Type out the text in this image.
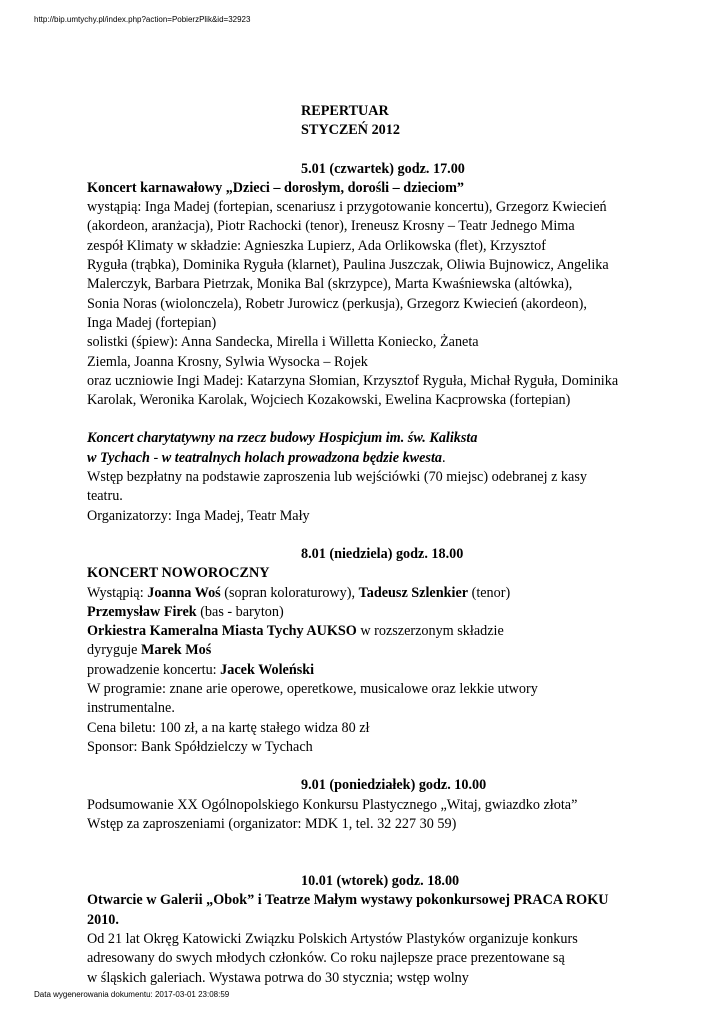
http://bip.umtychy.pl/index.php?action=PobierzPlik&id=32923
REPERTUAR
STYCZEŃ 2012
5.01 (czwartek) godz. 17.00
Koncert karnawałowy „Dzieci – dorosłym, dorośli – dzieciom”
wystąpią: Inga Madej (fortepian, scenariusz i przygotowanie koncertu), Grzegorz Kwiecień
(akordeon, aranżacja), Piotr Rachocki (tenor), Ireneusz Krosny – Teatr Jednego Mima
zespół Klimaty w składzie: Agnieszka Lupierz, Ada Orlikowska (flet), Krzysztof
Ryguła (trąbka), Dominika Ryguła (klarnet), Paulina Juszczak, Oliwia Bujnowicz, Angelika
Malerczyk, Barbara Pietrzak, Monika Bal (skrzypce), Marta Kwaśniewska (altówka),
Sonia Noras (wiolonczela), Robetr Jurowicz (perkusja), Grzegorz Kwiecień (akordeon),
Inga Madej (fortepian)
solistki (śpiew): Anna Sandecka, Mirella i Willetta Koniecko, Żaneta
Ziemla, Joanna Krosny, Sylwia Wysocka – Rojek
oraz uczniowie Ingi Madej: Katarzyna Słomian, Krzysztof Ryguła, Michał Ryguła, Dominika
Karolak, Weronika Karolak, Wojciech Kozakowski, Ewelina Kacprowska (fortepian)
Koncert charytatywny na rzecz budowy Hospicjum im. św. Kaliksta
w Tychach - w teatralnych holach prowadzona będzie kwesta.
Wstęp bezpłatny na podstawie zaproszenia lub wejściówki (70 miejsc) odebranej z kasy
teatru.
Organizatorzy: Inga Madej, Teatr Mały
8.01 (niedziela) godz. 18.00
KONCERT NOWOROCZNY
Wystąpią: Joanna Woś (sopran koloraturowy), Tadeusz Szlenkier (tenor)
Przemysław Firek (bas - baryton)
Orkiestra Kameralna Miasta Tychy AUKSO w rozszerzonym składzie
dyryguje Marek Moś
prowadzenie koncertu: Jacek Woleński
W programie: znane arie operowe, operetkowe, musicalowe oraz lekkie utwory
instrumentalne.
Cena biletu: 100 zł, a na kartę stałego widza 80 zł
Sponsor: Bank Spółdzielczy w Tychach
9.01 (poniedziałek) godz. 10.00
Podsumowanie XX Ogólnopolskiego Konkursu Plastycznego „Witaj, gwiazdko złota”
Wstęp za zaproszeniami (organizator: MDK 1, tel. 32 227 30 59)
10.01 (wtorek) godz. 18.00
Otwarcie w Galerii „Obok” i Teatrze Małym wystawy pokonkursowej PRACA ROKU
2010.
Od 21 lat Okręg Katowicki Związku Polskich Artystów Plastyków organizuje konkurs
adresowany do swych młodych członków. Co roku najlepsze prace prezentowane są
w śląskich galeriach. Wystawa potrwa do 30 stycznia; wstęp wolny
Data wygenerowania dokumentu: 2017-03-01 23:08:59
